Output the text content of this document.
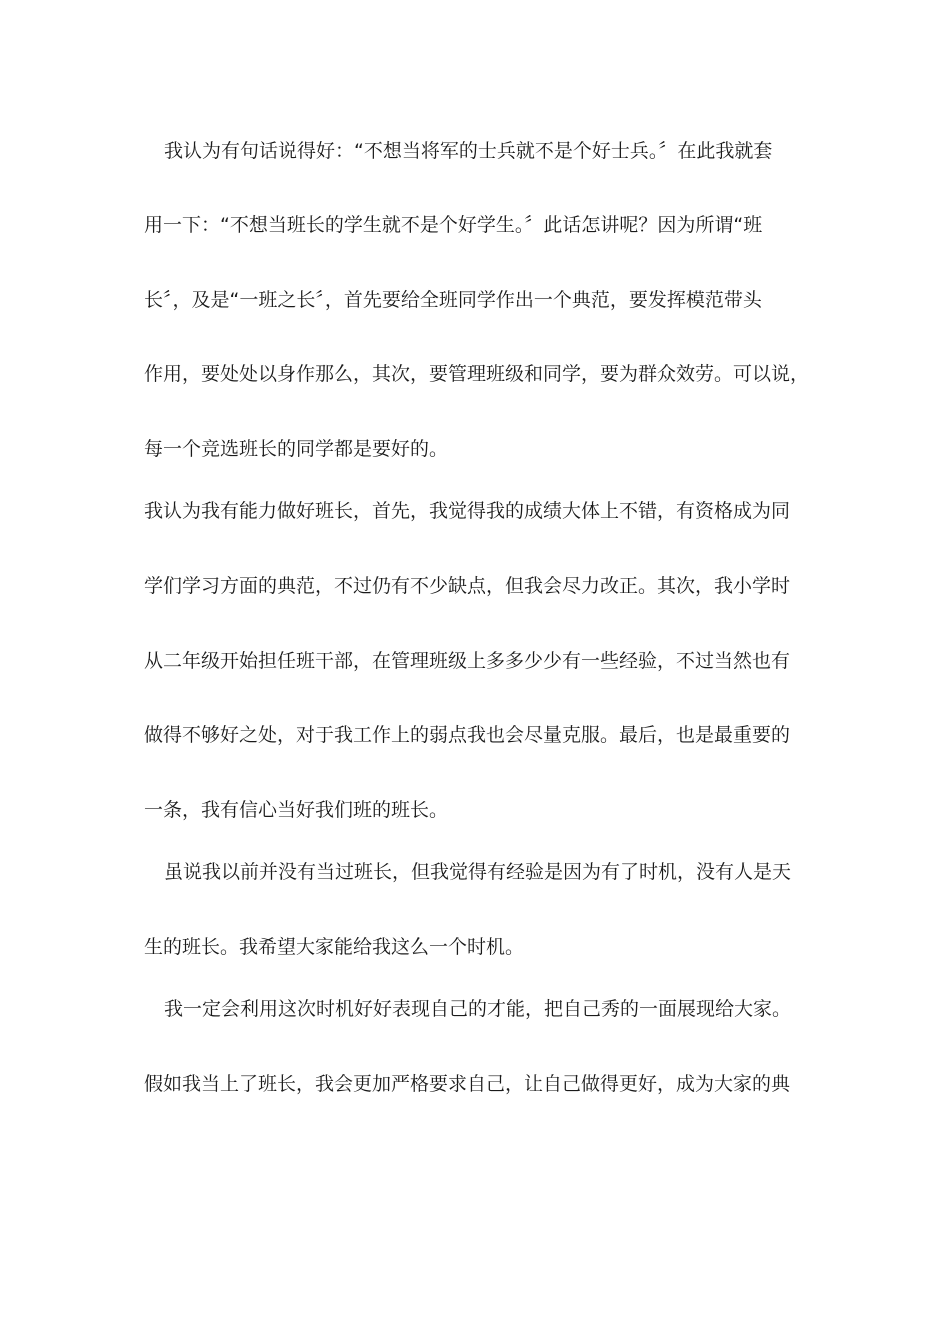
我认为有句话说得好：“不想当将军的士兵就不是个好士兵。〞在此我就套
用一下：“不想当班长的学生就不是个好学生。〞此话怎讲呢？因为所谓“班
长〞，及是“一班之长〞，首先要给全班同学作出一个典范，要发挥模范带头
作用，要处处以身作那么，其次，要管理班级和同学，要为群众效劳。可以说，
每一个竞选班长的同学都是要好的。
我认为我有能力做好班长，首先，我觉得我的成绩大体上不错，有资格成为同
学们学习方面的典范，不过仍有不少缺点，但我会尽力改正。其次，我小学时
从二年级开始担任班干部，在管理班级上多多少少有一些经验，不过当然也有
做得不够好之处，对于我工作上的弱点我也会尽量克服。最后，也是最重要的
一条，我有信心当好我们班的班长。
虽说我以前并没有当过班长，但我觉得有经验是因为有了时机，没有人是天
生的班长。我希望大家能给我这么一个时机。
我一定会利用这次时机好好表现自己的才能，把自己秀的一面展现给大家。
假如我当上了班长，我会更加严格要求自己，让自己做得更好，成为大家的典
